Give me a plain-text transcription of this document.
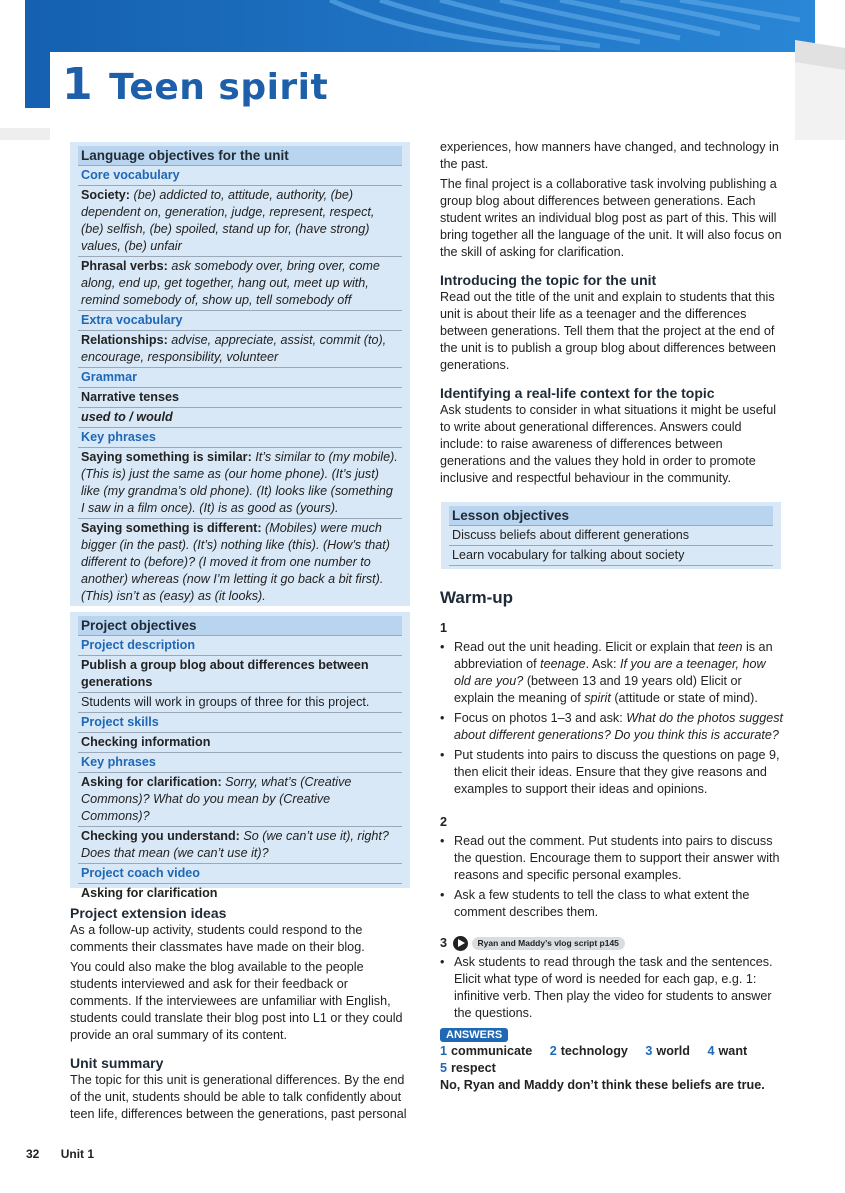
1 Teen spirit
Language objectives for the unit
Core vocabulary
Society: (be) addicted to, attitude, authority, (be) dependent on, generation, judge, represent, respect, (be) selfish, (be) spoiled, stand up for, (have strong) values, (be) unfair
Phrasal verbs: ask somebody over, bring over, come along, end up, get together, hang out, meet up with, remind somebody of, show up, tell somebody off
Extra vocabulary
Relationships: advise, appreciate, assist, commit (to), encourage, responsibility, volunteer
Grammar
Narrative tenses
used to / would
Key phrases
Saying something is similar: It’s similar to (my mobile). (This is) just the same as (our home phone). (It’s just) like (my grandma’s old phone). (It) looks like (something I saw in a film once). (It) is as good as (yours).
Saying something is different: (Mobiles) were much bigger (in the past). (It’s) nothing like (this). (How’s that) different to (before)? (I moved it from one number to another) whereas (now I’m letting it go back a bit first). (This) isn’t as (easy) as (it looks).
Project objectives
Project description
Publish a group blog about differences between generations
Students will work in groups of three for this project.
Project skills
Checking information
Key phrases
Asking for clarification: Sorry, what’s (Creative Commons)? What do you mean by (Creative Commons)?
Checking you understand: So (we can’t use it), right? Does that mean (we can’t use it)?
Project coach video
Asking for clarification
Project extension ideas

As a follow-up activity, students could respond to the comments their classmates have made on their blog.

You could also make the blog available to the people students interviewed and ask for their feedback or comments. If the interviewees are unfamiliar with English, students could translate their blog post into L1 or they could provide an oral summary of its content.

Unit summary

The topic for this unit is generational differences. By the end of the unit, students should be able to talk confidently about teen life, differences between the generations, past personal

experiences, how manners have changed, and technology in the past.

The final project is a collaborative task involving publishing a group blog about differences between generations. Each student writes an individual blog post as part of this. This will bring together all the language of the unit. It will also focus on the skill of asking for clarification.

Introducing the topic for the unit

Read out the title of the unit and explain to students that this unit is about their life as a teenager and the differences between generations. Tell them that the project at the end of the unit is to publish a group blog about differences between generations.

Identifying a real-life context for the topic

Ask students to consider in what situations it might be useful to write about generational differences. Answers could include: to raise awareness of differences between generations and the values they hold in order to promote inclusive and respectful behaviour in the community.

Lesson objectives
Discuss beliefs about different generations
Learn vocabulary for talking about society
Warm-up
1
• Read out the unit heading. Elicit or explain that teen is an abbreviation of teenage. Ask: If you are a teenager, how old are you? (between 13 and 19 years old) Elicit or explain the meaning of spirit (attitude or state of mind).
• Focus on photos 1–3 and ask: What do the photos suggest about different generations? Do you think this is accurate?
• Put students into pairs to discuss the questions on page 9, then elicit their ideas. Ensure that they give reasons and examples to support their ideas and opinions.
2
• Read out the comment. Put students into pairs to discuss the question. Encourage them to support their answer with reasons and specific personal examples.
• Ask a few students to tell the class to what extent the comment describes them.
3	Ryan and Maddy’s vlog script p145
• Ask students to read through the task and the sentences. Elicit what type of word is needed for each gap, e.g. 1: infinitive verb. Then play the video for students to answer the questions.
ANSWERS
1 communicate 2 technology 3 world 4 want
5 respect
No, Ryan and Maddy don’t think these beliefs are true.
32 Unit 1
